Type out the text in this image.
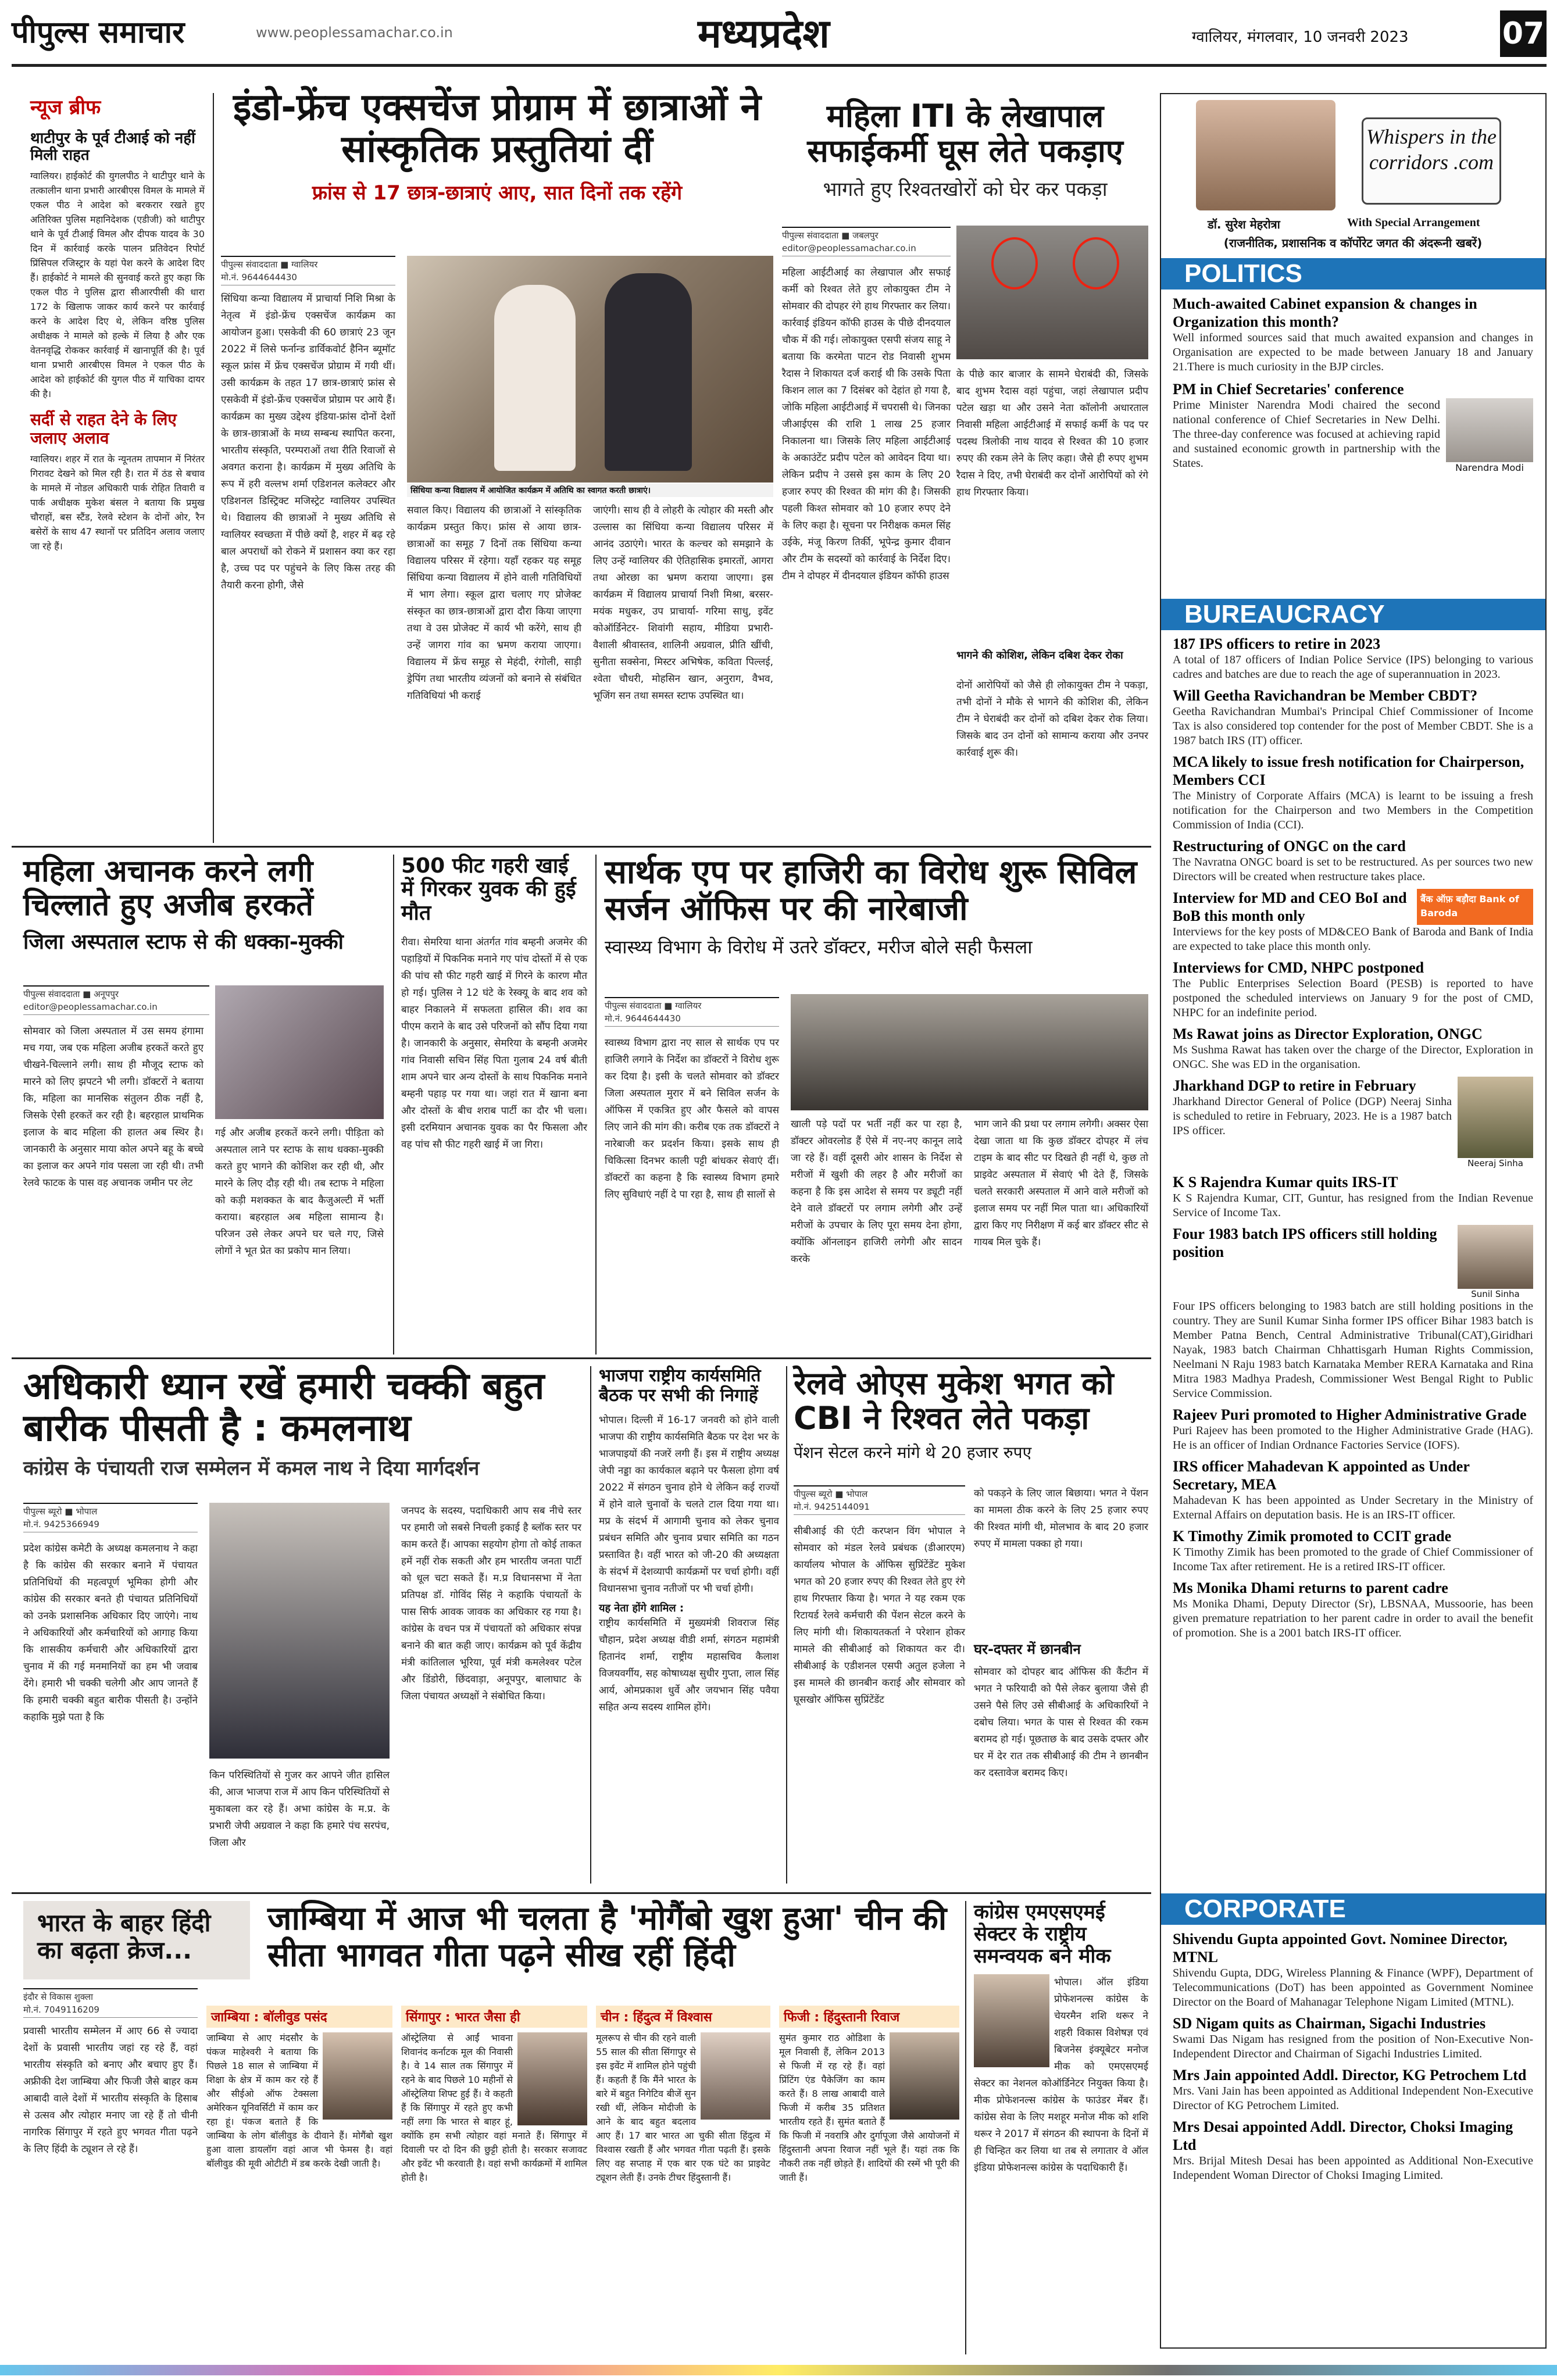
पीपुल्स समाचार	www.peoplessamachar.co.in	मध्यप्रदेश	ग्वालियर, मंगलवार, 10 जनवरी 2023	07
न्यूज ब्रीफ
थाटीपुर के पूर्व टीआई को नहीं मिली राहत
ग्वालियर। हाईकोर्ट की युगलपीठ ने थाटीपुर थाने के तत्कालीन थाना प्रभारी आरबीएस विमल के मामले में एकल पीठ ने आदेश को बरकरार रखते हुए अतिरिक्त पुलिस महानिदेशक (एडीजी) को थाटीपुर थाने के पूर्व टीआई विमल और दीपक यादव के 30 दिन में कार्रवाई करके पालन प्रतिवेदन रिपोर्ट प्रिंसिपल रजिस्ट्रार के यहां पेश करने के आदेश दिए हैं। हाईकोर्ट ने मामले की सुनवाई करते हुए कहा कि एकल पीठ ने पुलिस द्वारा सीआरपीसी की धारा 172 के खिलाफ जाकर कार्य करने पर कार्रवाई करने के आदेश दिए थे, लेकिन वरिष्ठ पुलिस अधीक्षक ने मामले को हल्के में लिया है और एक वेतनवृद्धि रोककर कार्रवाई में खानापूर्ति की है। पूर्व थाना प्रभारी आरबीएस विमल ने एकल पीठ के आदेश को हाईकोर्ट की युगल पीठ में याचिका दायर की है।
सर्दी से राहत देने के लिए जलाए अलाव
ग्वालियर। शहर में रात के न्यूनतम तापमान में निरंतर गिरावट देखने को मिल रही है। रात में ठंड से बचाव के मामले में नोडल अधिकारी पार्क रोहित तिवारी व पार्क अधीक्षक मुकेश बंसल ने बताया कि प्रमुख चौराहों, बस स्टैंड, रेलवे स्टेशन के दोनों ओर, रैन बसेरों के साथ 47 स्थानों पर प्रतिदिन अलाव जलाए जा रहे हैं।
इंडो-फ्रेंच एक्सचेंज प्रोग्राम में छात्राओं ने सांस्कृतिक प्रस्तुतियां दीं
फ्रांस से 17 छात्र-छात्राएं आए, सात दिनों तक रहेंगे
पीपुल्स संवाददाता ■ ग्वालियर
मो.नं. 9644644430
सिंधिया कन्या विद्यालय में प्राचार्या निशि मिश्रा के नेतृत्व में इंडो-फ्रेंच एक्सचेंज कार्यक्रम का आयोजन हुआ। एसकेवी की 60 छात्राएं 23 जून 2022 में लिसे फर्नान्ड डार्विकवोर्ट हैनिन ब्यूमॉट स्कूल फ्रांस में फ्रेंच एक्सचेंज प्रोग्राम में गयी थीं। उसी कार्यक्रम के तहत 17 छात्र-छात्राएं फ्रांस से एसकेवी में इंडो-फ्रेंच एक्सचेंज प्रोग्राम पर आये हैं। कार्यक्रम का मुख्य उद्देश्य इंडिया-फ्रांस दोनों देशों के छात्र-छात्राओं के मध्य सम्बन्ध स्थापित करना, भारतीय संस्कृति, परम्पराओं तथा रीति रिवाजों से अवगत कराना है। कार्यक्रम में मुख्य अतिथि के रूप में हरी वल्लभ शर्मा एडिशनल कलेक्टर और एडिशनल डिस्ट्रिक्ट मजिस्ट्रेट ग्वालियर उपस्थित थे। विद्यालय की छात्राओं ने मुख्य अतिथि से ग्वालियर स्वच्छता में पीछे क्यों है, शहर में बढ़ रहे बाल अपराधों को रोकने में प्रशासन क्या कर रहा है, उच्च पद पर पहुंचने के लिए किस तरह की तैयारी करना होगी, जैसे
सिंधिया कन्या विद्यालय में आयोजित कार्यक्रम में अतिथि का स्वागत करती छात्राएं।
सवाल किए। विद्यालय की छात्राओं ने सांस्कृतिक कार्यक्रम प्रस्तुत किए। फ्रांस से आया छात्र-छात्राओं का समूह 7 दिनों तक सिंधिया कन्या विद्यालय परिसर में रहेगा। यहाँ रहकर यह समूह सिंधिया कन्या विद्यालय में होने वाली गतिविधियों में भाग लेगा। स्कूल द्वारा चलाए गए प्रोजेक्ट संस्कृत का छात्र-छात्राओं द्वारा दौरा किया जाएगा तथा वे उस प्रोजेक्ट में कार्य भी करेंगे, साथ ही उन्हें जागरा गांव का भ्रमण कराया जाएगा। विद्यालय में फ्रेंच समूह से मेहंदी, रंगोली, साड़ी ड्रेपिंग तथा भारतीय व्यंजनों को बनाने से संबंधित गतिविधियां भी कराई
जाएंगी। साथ ही वे लोहरी के त्योहार की मस्ती और उल्लास का सिंधिया कन्या विद्यालय परिसर में आनंद उठाएंगे। भारत के कल्चर को समझाने के लिए उन्हें ग्वालियर की ऐतिहासिक इमारतों, आगरा तथा ओरछा का भ्रमण कराया जाएगा। इस कार्यक्रम में विद्यालय प्राचार्या निशी मिश्रा, बरसर- मयंक मधुकर, उप प्राचार्या- गरिमा साधु, इवेंट कोऑर्डिनेटर- शिवांगी सहाय, मीडिया प्रभारी- वैशाली श्रीवास्तव, शालिनी अग्रवाल, प्रीति खींची, सुनीता सक्सेना, मिस्टर अभिषेक, कविता पिल्लई, श्वेता चौधरी, मोहसिन खान, अनुराग, वैभव, भूजिंग सन तथा समस्त स्टाफ उपस्थित था।
महिला ITI के लेखापाल सफाईकर्मी घूस लेते पकड़ाए
भागते हुए रिश्वतखोरों को घेर कर पकड़ा
पीपुल्स संवाददाता ■ जबलपुर
editor@peoplessamachar.co.in
महिला आईटीआई का लेखापाल और सफाई कर्मी को रिश्वत लेते हुए लोकायुक्त टीम ने सोमवार की दोपहर रंगे हाथ गिरफ्तार कर लिया। कार्रवाई इंडियन कॉफी हाउस के पीछे दीनदयाल चौक में की गई। लोकायुक्त एसपी संजय साहू ने बताया कि करमेता पाटन रोड निवासी शुभम रैदास ने शिकायत दर्ज कराई थी कि उसके पिता किशन लाल का 7 दिसंबर को देहांत हो गया है, जोकि महिला आईटीआई में चपरासी थे। जिनका जीआईएस की राशि 1 लाख 25 हजार निकालना था। जिसके लिए महिला आईटीआई के अकाउंटेंट प्रदीप पटेल को आवेदन दिया था। लेकिन प्रदीप ने उससे इस काम के लिए 20 हजार रुपए की रिश्वत की मांग की है। जिसकी पहली किश्त सोमवार को 10 हजार रुपए देने के लिए कहा है। सूचना पर निरीक्षक कमल सिंह उईके, मंजू किरण तिर्की, भूपेन्द्र कुमार दीवान और टीम के सदस्यों को कार्रवाई के निर्देश दिए। टीम ने दोपहर में दीनदयाल इंडियन कॉफी हाउस
के पीछे कार बाजार के सामने घेराबंदी की, जिसके बाद शुभम रैदास वहां पहुंचा, जहां लेखापाल प्रदीप पटेल खड़ा था और उसने नेता कॉलोनी अधारताल निवासी महिला आईटीआई में सफाई कर्मी के पद पर पदस्थ त्रिलोकी नाथ यादव से रिश्वत की 10 हजार रुपए की रकम लेने के लिए कहा। जैसे ही रुपए शुभम रैदास ने दिए, तभी घेराबंदी कर दोनों आरोपियों को रंगे हाथ गिरफ्तार किया।
भागने की कोशिश, लेकिन दबिश देकर रोका
दोनों आरोपियों को जैसे ही लोकायुक्त टीम ने पकड़ा, तभी दोनों ने मौके से भागने की कोशिश की, लेकिन टीम ने घेराबंदी कर दोनों को दबिश देकर रोक लिया। जिसके बाद उन दोनों को सामान्य कराया और उनपर कार्रवाई शुरू की।
Whispers in the corridors .com
डॉ. सुरेश मेहरोत्रा	With Special Arrangement
(राजनीतिक, प्रशासनिक व कॉर्पोरेट जगत की अंदरूनी खबरें)
POLITICS
Much-awaited Cabinet expansion & changes in Organization this month?
Well informed sources said that much awaited expansion and changes in Organisation are expected to be made between January 18 and January 21.There is much curiosity in the BJP circles.
PM in Chief Secretaries' conference
Prime Minister Narendra Modi chaired the second national conference of Chief Secretaries in New Delhi. The three-day conference was focused at achieving rapid and sustained economic growth in partnership with the States.	Narendra Modi
BUREAUCRACY
187 IPS officers to retire in 2023
A total of 187 officers of Indian Police Service (IPS) belonging to various cadres and batches are due to reach the age of superannuation in 2023.
Will Geetha Ravichandran be Member CBDT?
Geetha Ravichandran Mumbai's Principal Chief Commissioner of Income Tax is also considered top contender for the post of Member CBDT. She is a 1987 batch IRS (IT) officer.
MCA likely to issue fresh notification for Chairperson, Members CCI
The Ministry of Corporate Affairs (MCA) is learnt to be issuing a fresh notification for the Chairperson and two Members in the Competition Commission of India (CCI).
Restructuring of ONGC on the card
The Navratna ONGC board is set to be restructured. As per sources two new Directors will be created when restructure takes place.
Interview for MD and CEO BoI and BoB this month only
बैंक ऑफ़ बड़ौदा Bank of Baroda
Interviews for the key posts of MD&CEO Bank of Baroda and Bank of India are expected to take place this month only.
Interviews for CMD, NHPC postponed
The Public Enterprises Selection Board (PESB) is reported to have postponed the scheduled interviews on January 9 for the post of CMD, NHPC for an indefinite period.
Ms Rawat joins as Director Exploration, ONGC
Ms Sushma Rawat has taken over the charge of the Director, Exploration in ONGC. She was ED in the organisation.
Jharkhand DGP to retire in February
Jharkhand Director General of Police (DGP) Neeraj Sinha is scheduled to retire in February, 2023. He is a 1987 batch IPS officer.
Neeraj Sinha
K S Rajendra Kumar quits IRS-IT
K S Rajendra Kumar, CIT, Guntur, has resigned from the Indian Revenue Service of Income Tax.
Four 1983 batch IPS officers still holding position
Sunil Sinha
Four IPS officers belonging to 1983 batch are still holding positions in the country. They are Sunil Kumar Sinha former IPS officer Bihar 1983 batch is Member Patna Bench, Central Administrative Tribunal(CAT),Giridhari Nayak, 1983 batch Chairman Chhattisgarh Human Rights Commission, Neelmani N Raju 1983 batch Karnataka Member RERA Karnataka and Rina Mitra 1983 Madhya Pradesh, Commissioner West Bengal Right to Public Service Commission.
Rajeev Puri promoted to Higher Administrative Grade
Puri Rajeev has been promoted to the Higher Administrative Grade (HAG). He is an officer of Indian Ordnance Factories Service (IOFS).
IRS officer Mahadevan K appointed as Under Secretary, MEA
Mahadevan K has been appointed as Under Secretary in the Ministry of External Affairs on deputation basis. He is an IRS-IT officer.
K Timothy Zimik promoted to CCIT grade
K Timothy Zimik has been promoted to the grade of Chief Commissioner of Income Tax after retirement. He is a retired IRS-IT officer.
Ms Monika Dhami returns to parent cadre
Ms Monika Dhami, Deputy Director (Sr), LBSNAA, Mussoorie, has been given premature repatriation to her parent cadre in order to avail the benefit of promotion. She is a 2001 batch IRS-IT officer.
CORPORATE
Shivendu Gupta appointed Govt. Nominee Director, MTNL
Shivendu Gupta, DDG, Wireless Planning & Finance (WPF), Department of Telecommunications (DoT) has been appointed as Government Nominee Director on the Board of Mahanagar Telephone Nigam Limited (MTNL).
SD Nigam quits as Chairman, Sigachi Industries
Swami Das Nigam has resigned from the position of Non-Executive Non-Independent Director and Chairman of Sigachi Industries Limited.
Mrs Jain appointed Addl. Director, KG Petrochem Ltd
Mrs. Vani Jain has been appointed as Additional Independent Non-Executive Director of KG Petrochem Limited.
Mrs Desai appointed Addl. Director, Choksi Imaging Ltd
Mrs. Brijal Mitesh Desai has been appointed as Additional Non-Executive Independent Woman Director of Choksi Imaging Limited.
महिला अचानक करने लगी चिल्लाते हुए अजीब हरकतें
जिला अस्पताल स्टाफ से की धक्का-मुक्की
पीपुल्स संवाददाता ■ अनूपपुर
editor@peoplessamachar.co.in
सोमवार को जिला अस्पताल में उस समय हंगामा मच गया, जब एक महिला अजीब हरकतें करते हुए चीखने-चिल्लाने लगी। साथ ही मौजूद स्टाफ को मारने को लिए झपटने भी लगी। डॉक्टरों ने बताया कि, महिला का मानसिक संतुलन ठीक नहीं है, जिसके ऐसी हरकतें कर रही है। बहरहाल प्राथमिक इलाज के बाद महिला की हालत अब स्थिर है। जानकारी के अनुसार माया कोल अपने बहू के बच्चे का इलाज कर अपने गांव पसला जा रही थी। तभी रेलवे फाटक के पास वह अचानक जमीन पर लेट
गई और अजीब हरकतें करने लगी। पीड़िता को अस्पताल लाने पर स्टाफ के साथ धक्का-मुक्की करते हुए भागने की कोशिश कर रही थी, और मारने के लिए दौड़ रही थी। तब स्टाफ ने महिला को कड़ी मशक्कत के बाद कैजुअल्टी में भर्ती कराया। बहरहाल अब महिला सामान्य है। परिजन उसे लेकर अपने घर चले गए, जिसे लोगों ने भूत प्रेत का प्रकोप मान लिया।
500 फीट गहरी खाई में गिरकर युवक की हुई मौत
रीवा। सेमरिया थाना अंतर्गत गांव बम्हनी अजमेर की पहाड़ियों में पिकनिक मनाने गए पांच दोस्तों में से एक की पांच सौ फीट गहरी खाई में गिरने के कारण मौत हो गई। पुलिस ने 12 घंटे के रेस्क्यू के बाद शव को बाहर निकालने में सफलता हासिल की। शव का पीएम कराने के बाद उसे परिजनों को सौंप दिया गया है। जानकारी के अनुसार, सेमरिया के बम्हनी अजमेर गांव निवासी सचिन सिंह पिता गुलाब 24 वर्ष बीती शाम अपने चार अन्य दोस्तों के साथ पिकनिक मनाने बम्हनी पहाड़ पर गया था। जहां रात में खाना बना और दोस्तों के बीच शराब पार्टी का दौर भी चला। इसी दरमियान अचानक युवक का पैर फिसला और वह पांच सौ फीट गहरी खाई में जा गिरा।
सार्थक एप पर हाजिरी का विरोध शुरू सिविल सर्जन ऑफिस पर की नारेबाजी
स्वास्थ्य विभाग के विरोध में उतरे डॉक्टर, मरीज बोले सही फैसला
पीपुल्स संवाददाता ■ ग्वालियर
मो.नं. 9644644430
स्वास्थ्य विभाग द्वारा नए साल से सार्थक एप पर हाजिरी लगाने के निर्देश का डॉक्टरों ने विरोध शुरू कर दिया है। इसी के चलते सोमवार को डॉक्टर जिला अस्पताल मुरार में बने सिविल सर्जन के ऑफिस में एकत्रित हुए और फैसले को वापस लिए जाने की मांग की। करीब एक तक डॉक्टरों ने नारेबाजी कर प्रदर्शन किया। इसके साथ ही चिकित्सा दिनभर काली पट्टी बांधकर सेवाएं दीं। डॉक्टरों का कहना है कि स्वास्थ्य विभाग हमारे लिए सुविधाएं नहीं दे पा रहा है, साथ ही सालों से
खाली पड़े पदों पर भर्ती नहीं कर पा रहा है, डॉक्टर ओवरलोड हैं ऐसे में नए-नए कानून लादे जा रहे हैं। वहीं दूसरी ओर शासन के निर्देश से मरीजों में खुशी की लहर है और मरीजों का कहना है कि इस आदेश से समय पर ड्यूटी नहीं देने वाले डॉक्टरों पर लगाम लगेगी और उन्हें मरीजों के उपचार के लिए पूरा समय देना होगा, क्योंकि ऑनलाइन हाजिरी लगेगी और सादन करके
भाग जाने की प्रथा पर लगाम लगेगी। अक्सर ऐसा देखा जाता था कि कुछ डॉक्टर दोपहर में लंच टाइम के बाद सीट पर दिखते ही नहीं थे, कुछ तो प्राइवेट अस्पताल में सेवाएं भी देते हैं, जिसके चलते सरकारी अस्पताल में आने वाले मरीजों को इलाज समय पर नहीं मिल पाता था। अधिकारियों द्वारा किए गए निरीक्षण में कई बार डॉक्टर सीट से गायब मिल चुके हैं।
अधिकारी ध्यान रखें हमारी चक्की बहुत बारीक पीसती है : कमलनाथ
कांग्रेस के पंचायती राज सम्मेलन में कमल नाथ ने दिया मार्गदर्शन
पीपुल्स ब्यूरो ■ भोपाल
मो.नं. 9425366949
प्रदेश कांग्रेस कमेटी के अध्यक्ष कमलनाथ ने कहा है कि कांग्रेस की सरकार बनाने में पंचायत प्रतिनिधियों की महत्वपूर्ण भूमिका होगी और कांग्रेस की सरकार बनते ही पंचायत प्रतिनिधियों को उनके प्रशासनिक अधिकार दिए जाएंगे। नाथ ने अधिकारियों और कर्मचारियों को आगाह किया कि शासकीय कर्मचारी और अधिकारियों द्वारा चुनाव में की गई मनमानियों का हम भी जवाब देंगे। हमारी भी चक्की चलेगी और आप जानते हैं कि हमारी चक्की बहुत बारीक पीसती है। उन्होंने कहाकि मुझे पता है कि
किन परिस्थितियों से गुजर कर आपने जीत हासिल की, आज भाजपा राज में आप किन परिस्थितियों से मुकाबला कर रहे हैं। अभा कांग्रेस के म.प्र. के प्रभारी जेपी अग्रवाल ने कहा कि हमारे पंच सरपंच, जिला और
जनपद के सदस्य, पदाधिकारी आप सब नीचे स्तर पर हमारी जो सबसे निचली इकाई है ब्लॉक स्तर पर काम करते हैं। आपका सहयोग होगा तो कोई ताकत हमें नहीं रोक सकती और हम भारतीय जनता पार्टी को धूल चटा सकते हैं। म.प्र विधानसभा में नेता प्रतिपक्ष डॉ. गोविंद सिंह ने कहाकि पंचायतों के पास सिर्फ आवक जावक का अधिकार रह गया है। कांग्रेस के वचन पत्र में पंचायतों को अधिकार संपन्न बनाने की बात कही जाए। कार्यक्रम को पूर्व केंद्रीय मंत्री कांतिलाल भूरिया, पूर्व मंत्री कमलेश्वर पटेल और डिंडोरी, छिंदवाड़ा, अनूपपुर, बालाघाट के जिला पंचायत अध्यक्षों ने संबोधित किया।
भाजपा राष्ट्रीय कार्यसमिति बैठक पर सभी की निगाहें
भोपाल। दिल्ली में 16-17 जनवरी को होने वाली भाजपा की राष्ट्रीय कार्यसमिति बैठक पर देश भर के भाजपाइयों की नजरें लगी हैं। इस में राष्ट्रीय अध्यक्ष जेपी नड्डा का कार्यकाल बढ़ाने पर फैसला होगा वर्ष 2022 में संगठन चुनाव होने थे लेकिन कई राज्यों में होने वाले चुनावों के चलते टाल दिया गया था। मप्र के संदर्भ में आगामी चुनाव को लेकर चुनाव प्रबंधन समिति और चुनाव प्रचार समिति का गठन प्रस्तावित है। वहीं भारत को जी-20 की अध्यक्षता के संदर्भ में देशव्यापी कार्यक्रमों पर चर्चा होगी। वहीं विधानसभा चुनाव नतीजों पर भी चर्चा होगी।
यह नेता होंगे शामिल :
राष्ट्रीय कार्यसमिति में मुख्यमंत्री शिवराज सिंह चौहान, प्रदेश अध्यक्ष वीडी शर्मा, संगठन महामंत्री हितानंद शर्मा, राष्ट्रीय महासचिव कैलाश विजयवर्गीय, सह कोषाध्यक्ष सुधीर गुप्ता, लाल सिंह आर्य, ओमप्रकाश धुर्वे और जयभान सिंह पवैया सहित अन्य सदस्य शामिल होंगे।
रेलवे ओएस मुकेश भगत को CBI ने रिश्वत लेते पकड़ा
पेंशन सेटल करने मांगे थे 20 हजार रुपए
पीपुल्स ब्यूरो ■ भोपाल
मो.नं. 9425144091
सीबीआई की एंटी करप्शन विंग भोपाल ने सोमवार को मंडल रेलवे प्रबंधक (डीआरएम) कार्यालय भोपाल के ऑफिस सुप्रिंटेंडेंट मुकेश भगत को 20 हजार रुपए की रिश्वत लेते हुए रंगे हाथ गिरफ्तार किया है। भगत ने यह रकम एक रिटायर्ड रेलवे कर्मचारी की पेंशन सेटल करने के लिए मांगी थी। शिकायतकर्ता ने परेशान होकर मामले की सीबीआई को शिकायत कर दी। सीबीआई के एडीशनल एसपी अतुल हजेला ने इस मामले की छानबीन कराई और सोमवार को घूसखोर ऑफिस सुप्रिंटेंडेंट
को पकड़ने के लिए जाल बिछाया। भगत ने पेंशन का मामला ठीक करने के लिए 25 हजार रुपए की रिश्वत मांगी थी, मोलभाव के बाद 20 हजार रुपए में मामला पक्का हो गया।
घर-दफ्तर में छानबीन
सोमवार को दोपहर बाद ऑफिस की कैंटीन में भगत ने फरियादी को पैसे लेकर बुलाया जैसे ही उसने पैसे लिए उसे सीबीआई के अधिकारियों ने दबोच लिया। भगत के पास से रिश्वत की रकम बरामद हो गई। पूछताछ के बाद उसके दफ्तर और घर में देर रात तक सीबीआई की टीम ने छानबीन कर दस्तावेज बरामद किए।
भारत के बाहर हिंदी का बढ़ता क्रेज...
जाम्बिया में आज भी चलता है 'मोगैंबो खुश हुआ' चीन की सीता भागवत गीता पढ़ने सीख रहीं हिंदी
इंदौर से विकास शुक्ला
मो.नं. 7049116209
प्रवासी भारतीय सम्मेलन में आए 66 से ज्यादा देशों के प्रवासी भारतीय जहां रह रहे हैं, वहां भारतीय संस्कृति को बनाए और बचाए हुए हैं। अफ्रीकी देश जाम्बिया और फिजी जैसे बाहर कम आबादी वाले देशों में भारतीय संस्कृति के हिसाब से उत्सव और त्योहार मनाए जा रहे हैं तो चीनी नागरिक सिंगापुर में रहते हुए भगवत गीता पढ़ने के लिए हिंदी के ट्यूशन ले रहे हैं।
जाम्बिया : बॉलीवुड पसंद
जाम्बिया से आए मंदसौर के पंकज माहेश्वरी ने बताया कि पिछले 18 साल से जाम्बिया में शिक्षा के क्षेत्र में काम कर रहे हैं और सीईओ ऑफ टेक्सला अमेरिकन यूनिवर्सिटी में काम कर रहा हूं। पंकज बताते हैं कि जाम्बिया के लोग बॉलीवुड के दीवाने हैं। मोगैंबो खुश हुआ वाला डायलॉग वहां आज भी फेमस है। वहां बॉलीवुड की मूवी ओटीटी में डब करके देखी जाती है।
सिंगापुर : भारत जैसा ही
ऑस्ट्रेलिया से आईं भावना शिवानंद कर्नाटक मूल की निवासी है। वे 14 साल तक सिंगापुर में रहने के बाद पिछले 10 महीनों से ऑस्ट्रेलिया शिफ्ट हुई हैं। वे कहती हैं कि सिंगापुर में रहते हुए कभी नहीं लगा कि भारत से बाहर हूं, क्योंकि हम सभी त्योहार वहां मनाते हैं। सिंगापुर में दिवाली पर दो दिन की छुट्टी होती है। सरकार सजावट और इवेंट भी करवाती है। वहां सभी कार्यक्रमों में शामिल होती है।
चीन : हिंदुत्व में विश्वास
मूलरूप से चीन की रहने वाली 55 साल की सीता सिंगापुर से इस इवेंट में शामिल होने पहुंची हैं। कहती हैं कि मैंने भारत के बारे में बहुत निगेटिव बीजें सुन रखी थीं, लेकिन मोदीजी के आने के बाद बहुत बदलाव आए हैं। 17 बार भारत आ चुकी सीता हिंदुत्व में विश्वास रखती हैं और भगवत गीता पढ़ती हैं। इसके लिए वह सप्ताह में एक बार एक घंटे का प्राइवेट ट्यूशन लेती हैं। उनके टीचर हिंदुस्तानी हैं।
फिजी : हिंदुस्तानी रिवाज
सुमंत कुमार राठ ओडिशा के मूल निवासी हैं, लेकिन 2013 से फिजी में रह रहे हैं। वहां प्रिंटिंग एंड पैकेजिंग का काम करते हैं। 8 लाख आबादी वाले फिजी में करीब 35 प्रतिशत भारतीय रहते हैं। सुमंत बताते हैं कि फिजी में नवरात्रि और दुर्गापूजा जैसे आयोजनों में हिंदुस्तानी अपना रिवाज नहीं भूले हैं। यहां तक कि नौकरी तक नहीं छोड़ते हैं। शादियों की रस्में भी पूरी की जाती हैं।
कांग्रेस एमएसएमई सेक्टर के राष्ट्रीय समन्वयक बने मीक
भोपाल। ऑल इंडिया प्रोफेशनल्स कांग्रेस के चेयरमैन शशि थरूर ने शहरी विकास विशेषज्ञ एवं बिजनेस इंक्यूबेटर मनोज मीक को एमएसएमई सेक्टर का नेशनल कोऑर्डिनेटर नियुक्त किया है। मीक प्रोफेशनल्स कांग्रेस के फाउंडर मेंबर हैं। कांग्रेस सेवा के लिए मशहूर मनोज मीक को शशि थरूर ने 2017 में संगठन की स्थापना के दिनों में ही चिन्हित कर लिया था तब से लगातार वे ऑल इंडिया प्रोफेशनल्स कांग्रेस के पदाधिकारी हैं।
